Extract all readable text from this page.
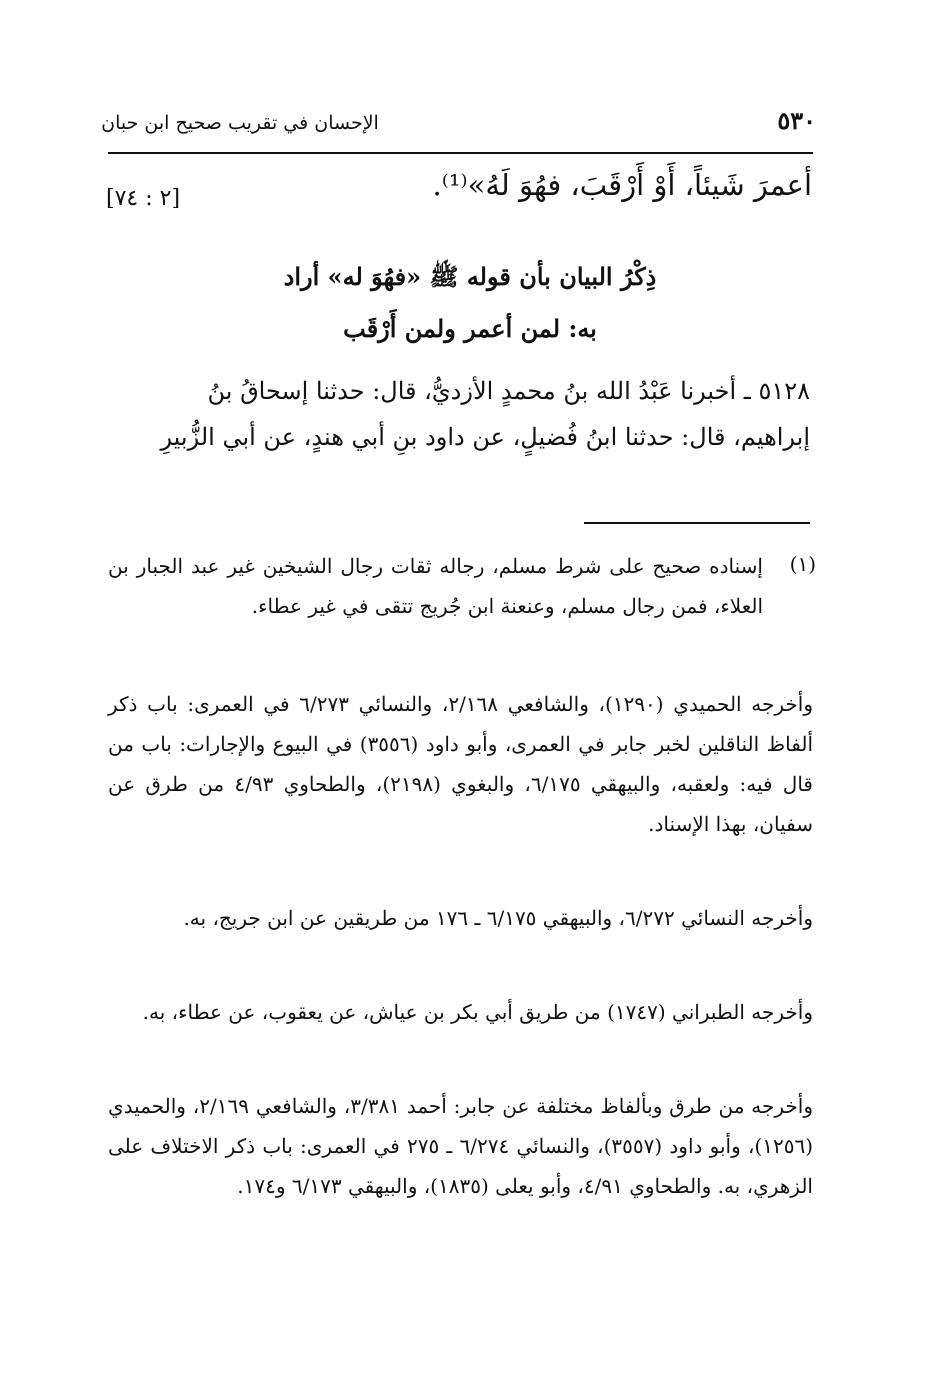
٥٣٠
الإحسان في تقريب صحيح ابن حبان
أعمرَ شَيئاً، أَوْ أَرْقَبَ، فهُوَ لَهُ»⁽¹⁾.
[٢ : ٧٤]
ذِكْرُ البيان بأن قوله ﷺ «فهُوَ له» أراد
به: لمن أعمر ولمن أَرْقَب
٥١٢٨ ـ أخبرنا عَبْدُ الله بنُ محمدٍ الأزديُّ، قال: حدثنا إسحاقُ بنُ
إبراهيم، قال: حدثنا ابنُ فُضيلٍ، عن داود بنِ أبي هندٍ، عن أبي الزُّبيرِ
(١)
إسناده صحيح على شرط مسلم، رجاله ثقات رجال الشيخين غير عبد الجبار بن العلاء، فمن رجال مسلم، وعنعنة ابن جُريج تتقى في غير عطاء.
وأخرجه الحميدي (١٢٩٠)، والشافعي ٢/١٦٨، والنسائي ٦/٢٧٣ في العمرى: باب ذكر ألفاظ الناقلين لخبر جابر في العمرى، وأبو داود (٣٥٥٦) في البيوع والإجارات: باب من قال فيه: ولعقبه، والبيهقي ٦/١٧٥، والبغوي (٢١٩٨)، والطحاوي ٤/٩٣ من طرق عن سفيان، بهذا الإسناد.
وأخرجه النسائي ٦/٢٧٢، والبيهقي ٦/١٧٥ ـ ١٧٦ من طريقين عن ابن جريج، به.
وأخرجه الطبراني (١٧٤٧) من طريق أبي بكر بن عياش، عن يعقوب، عن عطاء، به.
وأخرجه من طرق وبألفاظ مختلفة عن جابر: أحمد ٣/٣٨١، والشافعي ٢/١٦٩، والحميدي (١٢٥٦)، وأبو داود (٣٥٥٧)، والنسائي ٦/٢٧٤ ـ ٢٧٥ في العمرى: باب ذكر الاختلاف على الزهري، به. والطحاوي ٤/٩١، وأبو يعلى (١٨٣٥)، والبيهقي ٦/١٧٣ و١٧٤.
